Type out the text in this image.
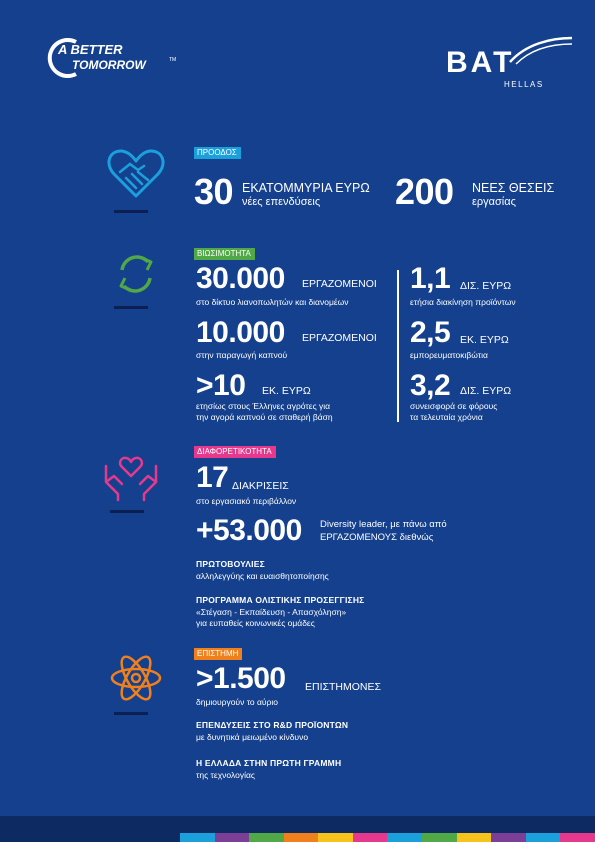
A BETTER
TOMORROW	TM	BAT
HELLAS
ΠΡΟΟΔΟΣ
30 ΕΚΑΤΟΜΜΥΡΙΑ ΕΥΡΩ
νέες επενδύσεις 200 ΝΕΕΣ ΘΕΣΕΙΣ
εργασίας
ΒΙΩΣΙΜΟΤΗΤΑ
30.000 ΕΡΓΑΖΟΜΕΝΟΙ
στο δίκτυο λιανοπωλητών και διανομέων
10.000 ΕΡΓΑΖΟΜΕΝΟΙ
στην παραγωγή καπνού
>10 ΕΚ. ΕΥΡΩ
ετησίως στους Έλληνες αγρότες για
την αγορά καπνού σε σταθερή βάση
1,1 ΔΙΣ. ΕΥΡΩ
ετήσια διακίνηση προϊόντων
2,5 ΕΚ. ΕΥΡΩ
εμπορευματοκιβώτια
3,2 ΔΙΣ. ΕΥΡΩ
συνεισφορά σε φόρους
τα τελευταία χρόνια
ΔΙΑΦΟΡΕΤΙΚΟΤΗΤΑ
17 ΔΙΑΚΡΙΣΕΙΣ
στο εργασιακό περιβάλλον
+53.000 Diversity leader, με πάνω από
ΕΡΓΑΖΟΜΕΝΟΥΣ διεθνώς
ΠΡΩΤΟΒΟΥΛΙΕΣ
αλληλεγγύης και ευαισθητοποίησης
ΠΡΟΓΡΑΜΜΑ ΟΛΙΣΤΙΚΗΣ ΠΡΟΣΕΓΓΙΣΗΣ
«Στέγαση - Εκπαίδευση - Απασχόληση»
για ευπαθείς κοινωνικές ομάδες
ΕΠΙΣΤΗΜΗ
>1.500 ΕΠΙΣΤΗΜΟΝΕΣ
δημιουργούν το αύριο
ΕΠΕΝΔΥΣΕΙΣ ΣΤΟ R&D ΠΡΟΪΟΝΤΩΝ
με δυνητικά μειωμένο κίνδυνο
Η ΕΛΛΑΔΑ ΣΤΗΝ ΠΡΩΤΗ ΓΡΑΜΜΗ
της τεχνολογίας
